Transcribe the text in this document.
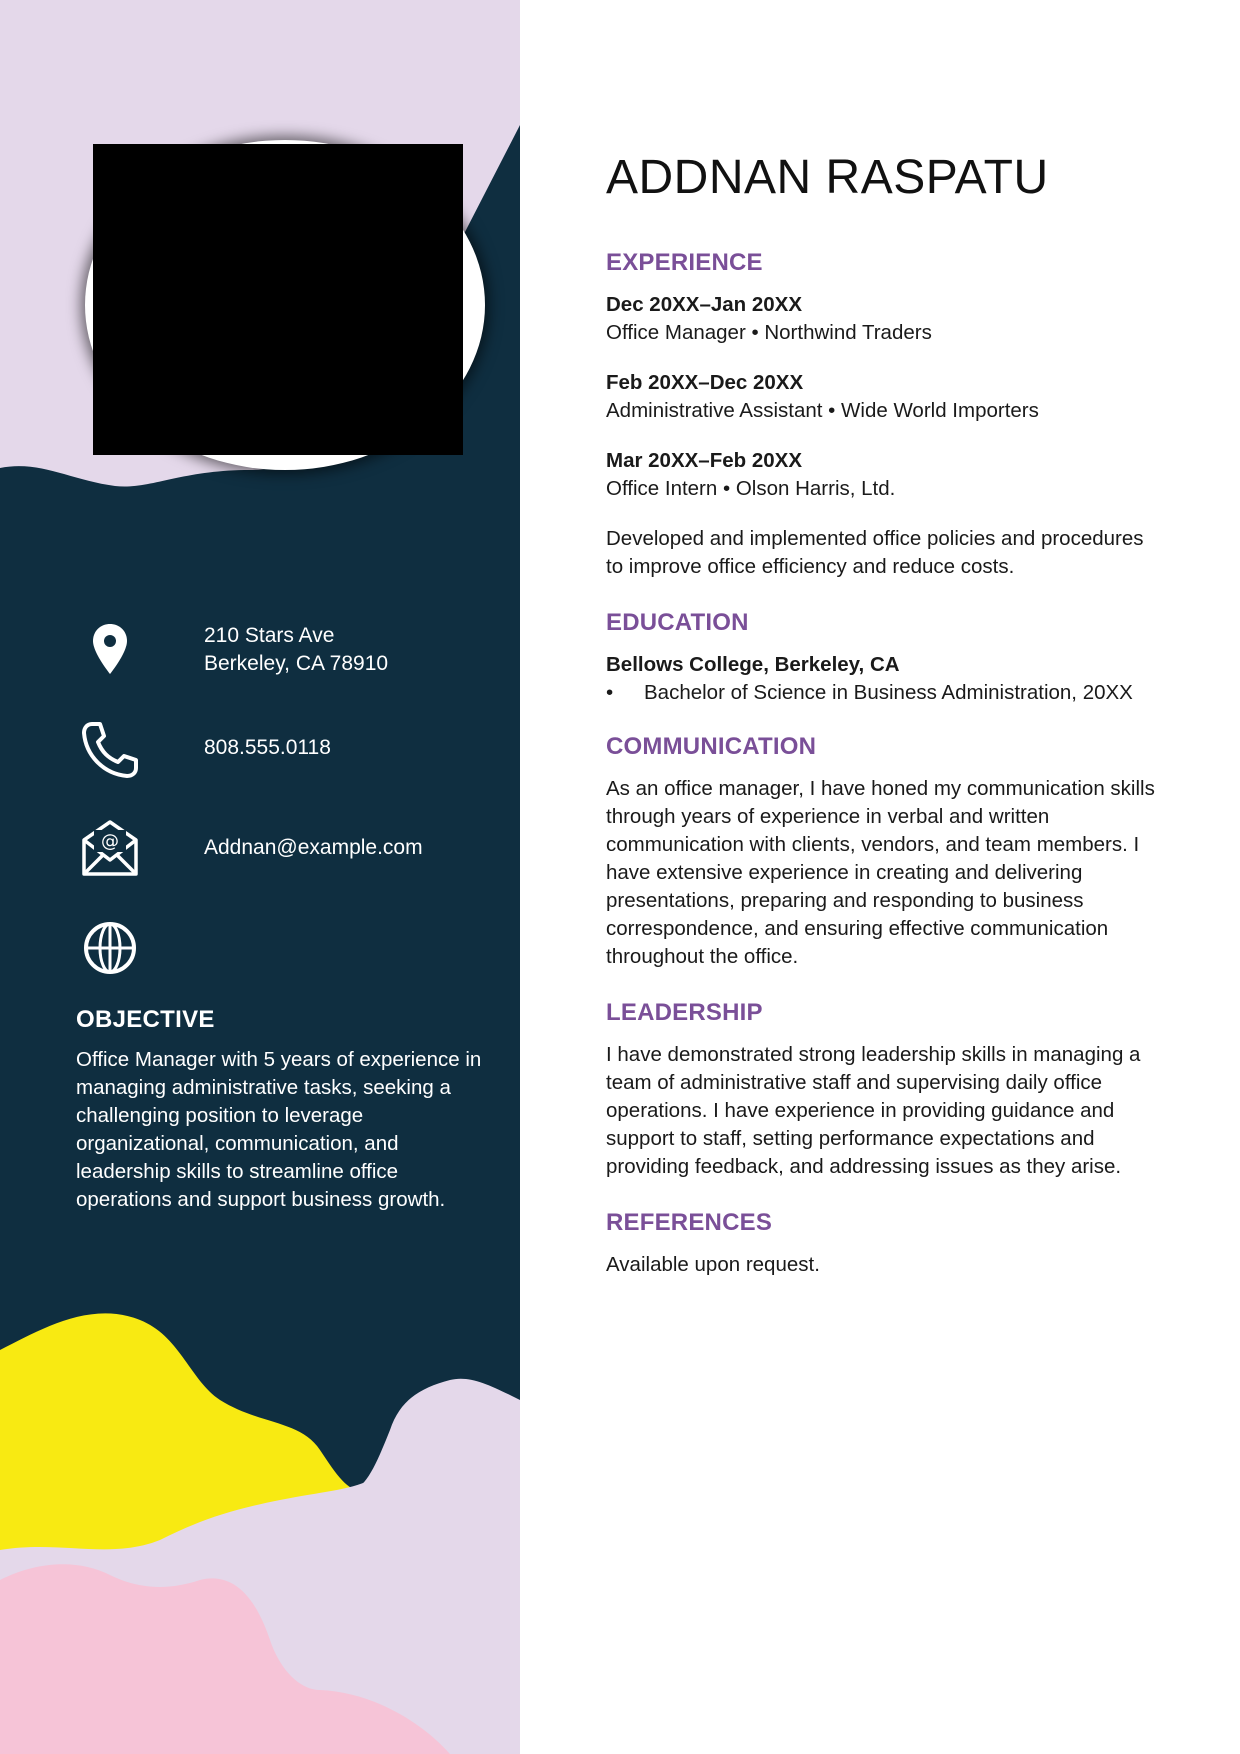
210 Stars Ave
Berkeley, CA 78910
808.555.0118
@	Addnan@example.com
OBJECTIVE

Office Manager with 5 years of experience in managing administrative tasks, seeking a challenging position to leverage organizational, communication, and leadership skills to streamline office operations and support business growth.

ADDNAN RASPATU
EXPERIENCE
Dec 20XX–Jan 20XX
Office Manager • Northwind Traders
Feb 20XX–Dec 20XX
Administrative Assistant • Wide World Importers
Mar 20XX–Feb 20XX
Office Intern • Olson Harris, Ltd.

Developed and implemented office policies and procedures to improve office efficiency and reduce costs.

EDUCATION
Bellows College, Berkeley, CA
•	Bachelor of Science in Business Administration, 20XX
COMMUNICATION

As an office manager, I have honed my communication skills through years of experience in verbal and written communication with clients, vendors, and team members. I have extensive experience in creating and delivering presentations, preparing and responding to business correspondence, and ensuring effective communication throughout the office.

LEADERSHIP

I have demonstrated strong leadership skills in managing a team of administrative staff and supervising daily office operations. I have experience in providing guidance and support to staff, setting performance expectations and providing feedback, and addressing issues as they arise.

REFERENCES

Available upon request.
